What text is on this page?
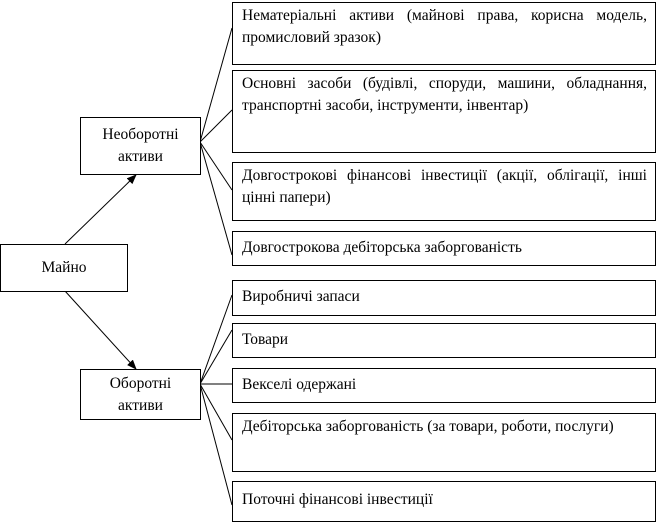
Майно
Необоротні активи
Оборотні активи
Нематеріальні активи (майнові права, корисна модель, промисловий зразок)
Основні засоби (будівлі, споруди, машини, обладнання, транспортні засоби, інструменти, інвентар)
Довгострокові фінансові інвестиції (акції, облігації, інші цінні папери)
Довгострокова дебіторська заборгованість
Виробничі запаси
Товари
Векселі одержані
Дебіторська заборгованість (за товари, роботи, послуги)
Поточні фінансові інвестиції
